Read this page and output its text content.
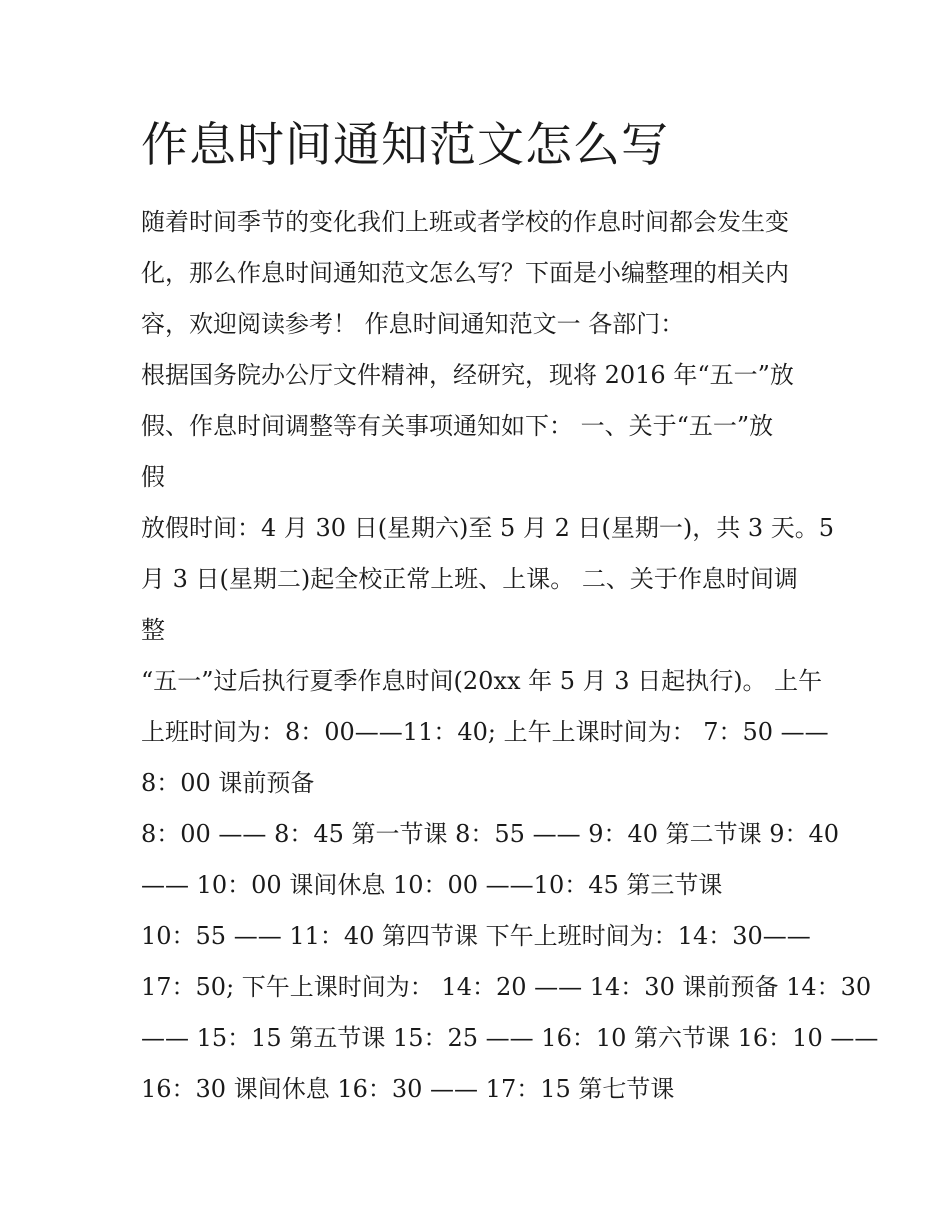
作息时间通知范文怎么写
随着时间季节的变化我们上班或者学校的作息时间都会发生变
化，那么作息时间通知范文怎么写？下面是小编整理的相关内
容，欢迎阅读参考！ 作息时间通知范文一 各部门：
根据国务院办公厅文件精神，经研究，现将 2016 年“五一”放
假、作息时间调整等有关事项通知如下： 一、关于“五一”放
假
放假时间：4 月 30 日(星期六)至 5 月 2 日(星期一)，共 3 天。5
月 3 日(星期二)起全校正常上班、上课。 二、关于作息时间调
整
“五一”过后执行夏季作息时间(20xx 年 5 月 3 日起执行)。 上午
上班时间为：8：00——11：40; 上午上课时间为： 7：50 ——
8：00 课前预备
8：00 —— 8：45 第一节课 8：55 —— 9：40 第二节课 9：40
—— 10：00 课间休息 10：00 ——10：45 第三节课
10：55 —— 11：40 第四节课 下午上班时间为：14：30——
17：50; 下午上课时间为： 14：20 —— 14：30 课前预备 14：30
—— 15：15 第五节课 15：25 —— 16：10 第六节课 16：10 ——
16：30 课间休息 16：30 —— 17：15 第七节课
